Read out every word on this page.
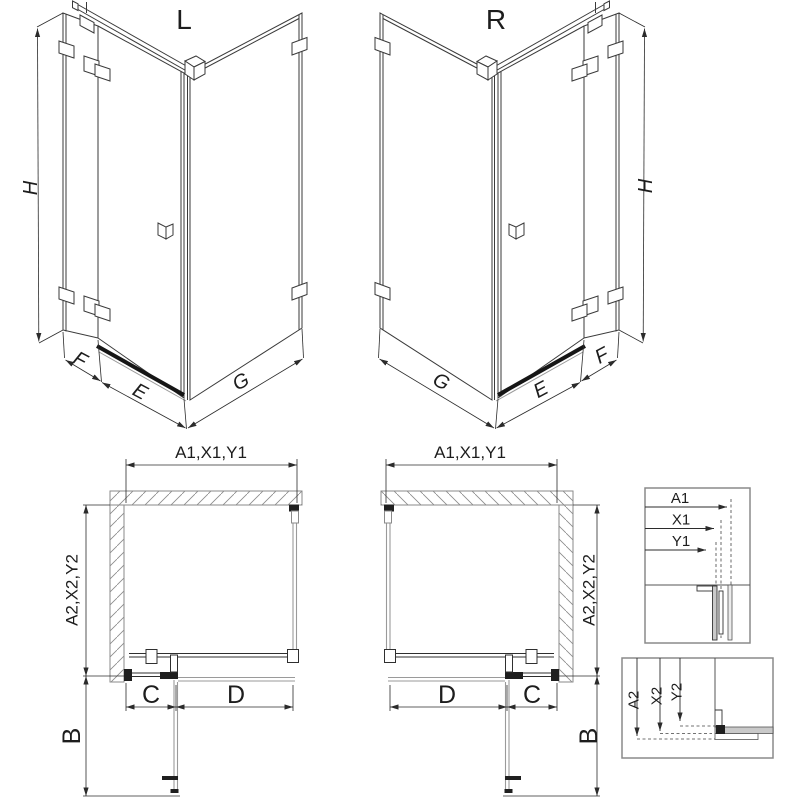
A1
X1
Y1
A2 X2 Y2
L
H
F
E	G
R
H
F
E
G
A1,X1,Y1
A2,X2,Y2
C	D
B
A1,X1,Y1
A2,X2,Y2
C
D
B
